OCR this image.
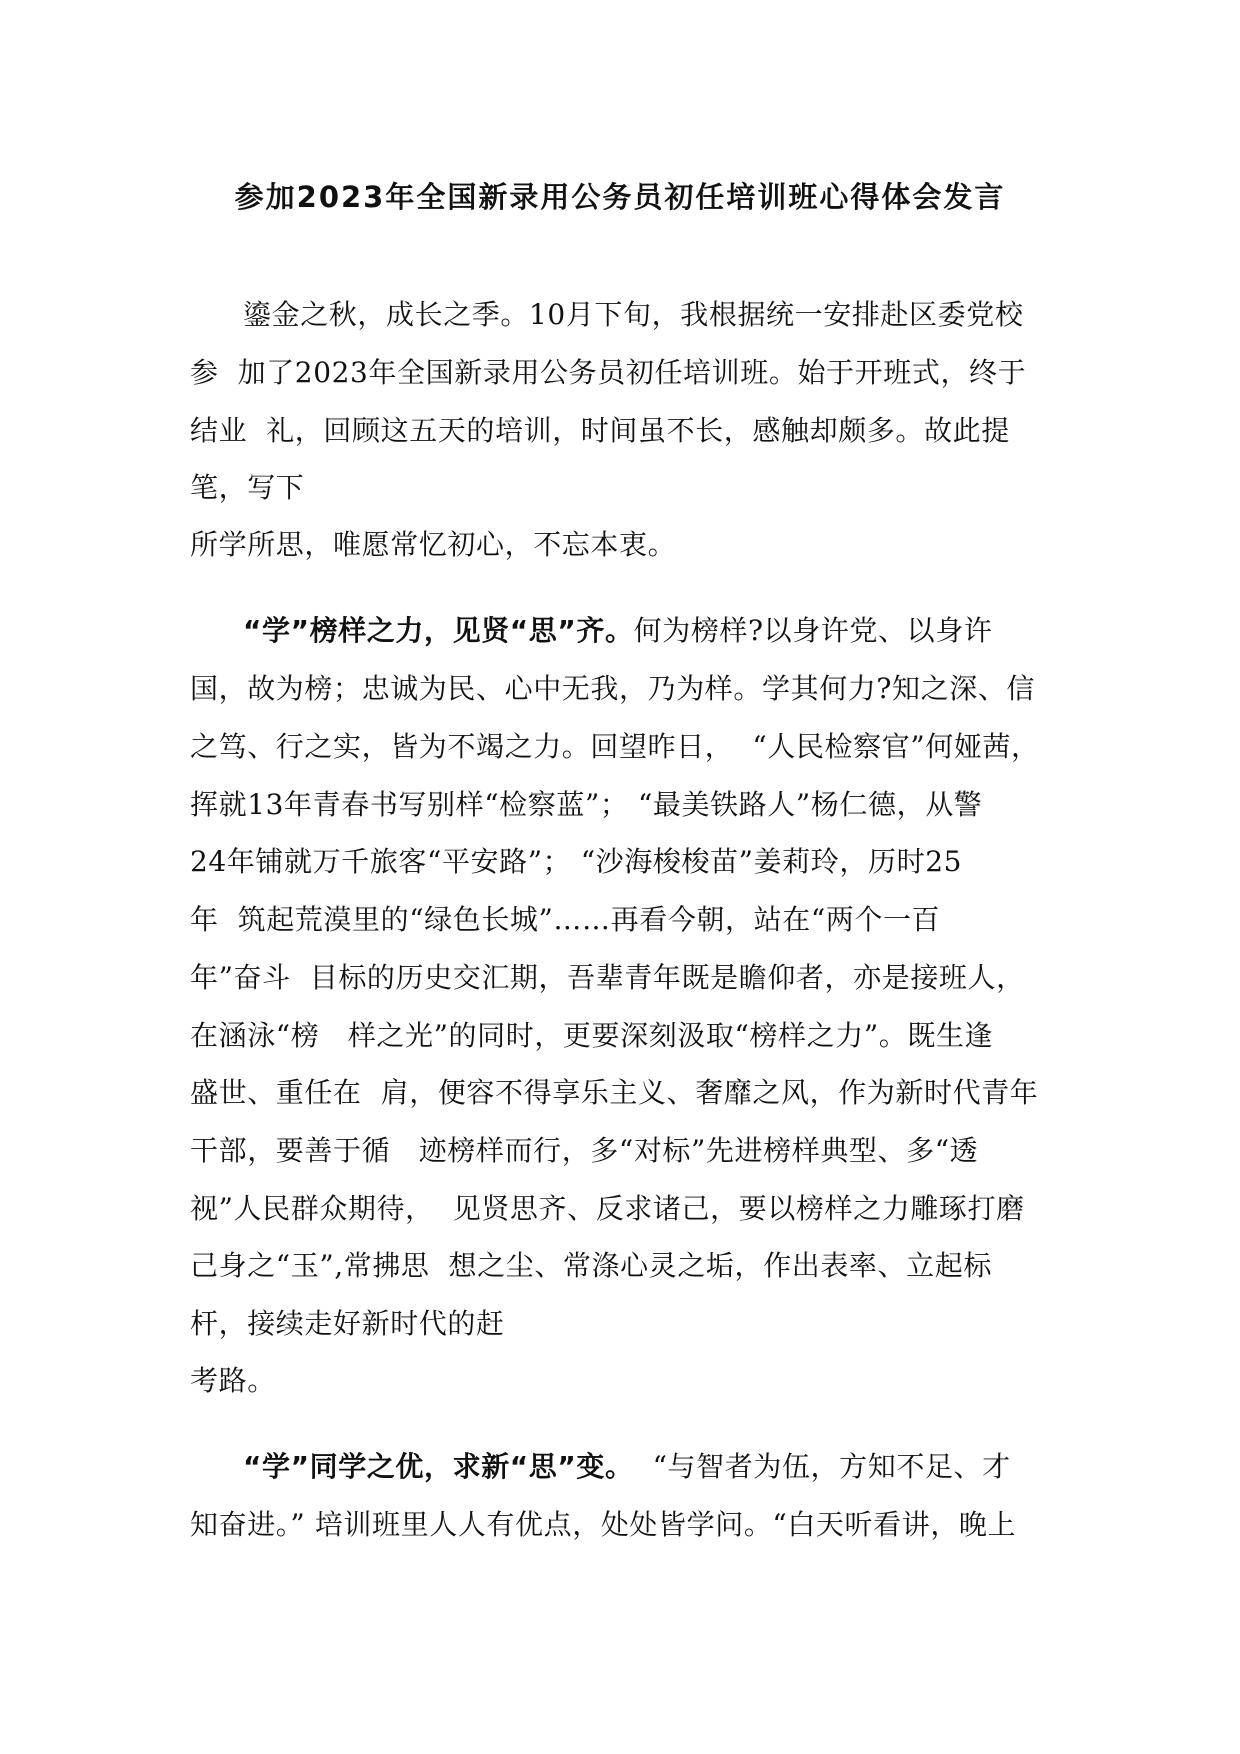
参加2023年全国新录用公务员初任培训班心得体会发言
鎏金之秋，成长之季。10月下旬，我根据统一安排赴区委党校
参  加了2023年全国新录用公务员初任培训班。始于开班式，终于
结业  礼，回顾这五天的培训，时间虽不长，感触却颇多。故此提
笔，写下
所学所思，唯愿常忆初心，不忘本衷。
“学”榜样之力，见贤“思”齐。何为榜样?以身许党、以身许
国，故为榜；忠诚为民、心中无我，乃为样。学其何力?知之深、信
之笃、行之实，皆为不竭之力。回望昨日，  “人民检察官”何娅茜，
挥就13年青春书写别样“检察蓝”； “最美铁路人”杨仁德，从警
24年铺就万千旅客“平安路”； “沙海梭梭苗”姜莉玲，历时25
年  筑起荒漠里的“绿色长城”……再看今朝，站在“两个一百
年”奋斗  目标的历史交汇期，吾辈青年既是瞻仰者，亦是接班人，
在涵泳“榜   样之光”的同时，更要深刻汲取“榜样之力”。既生逢
盛世、重任在  肩，便容不得享乐主义、奢靡之风，作为新时代青年
干部，要善于循   迹榜样而行，多“对标”先进榜样典型、多“透
视”人民群众期待，  见贤思齐、反求诸己，要以榜样之力雕琢打磨
己身之“玉”,常拂思  想之尘、常涤心灵之垢，作出表率、立起标
杆，接续走好新时代的赶
考路。
“学”同学之优，求新“思”变。  “与智者为伍，方知不足、才
知奋进。” 培训班里人人有优点，处处皆学问。“白天听看讲，晚上
